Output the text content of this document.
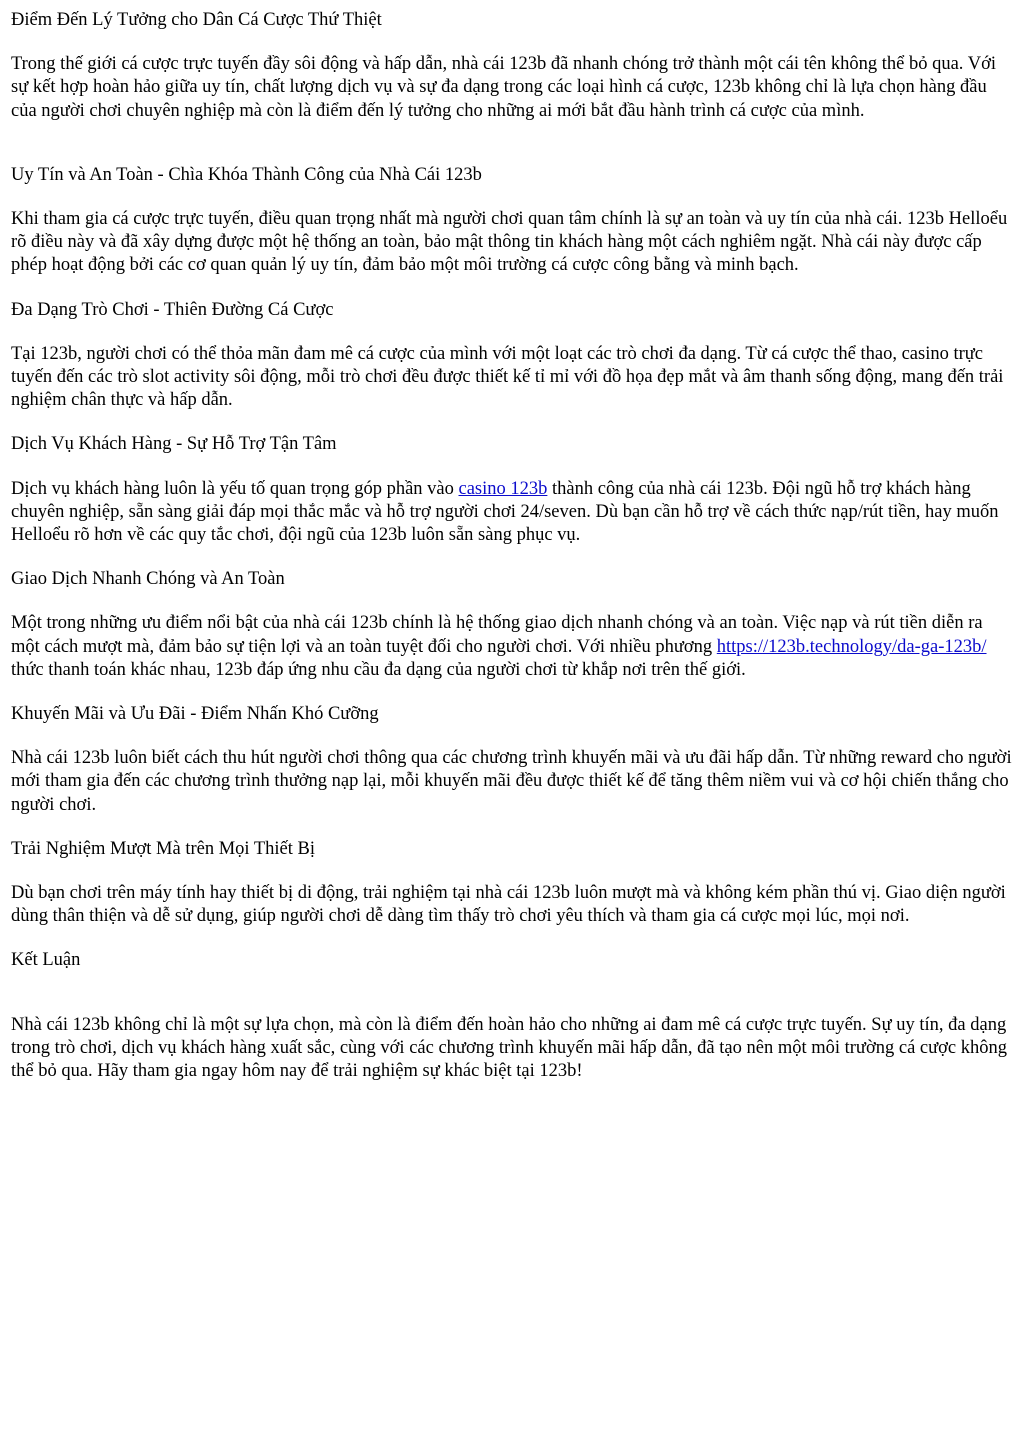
Điểm Đến Lý Tưởng cho Dân Cá Cược Thứ Thiệt

Trong thế giới cá cược trực tuyến đầy sôi động và hấp dẫn, nhà cái 123b đã nhanh chóng trở thành một cái tên không thể bỏ qua. Với sự kết hợp hoàn hảo giữa uy tín, chất lượng dịch vụ và sự đa dạng trong các loại hình cá cược, 123b không chỉ là lựa chọn hàng đầu của người chơi chuyên nghiệp mà còn là điểm đến lý tưởng cho những ai mới bắt đầu hành trình cá cược của mình.

Uy Tín và An Toàn - Chìa Khóa Thành Công của Nhà Cái 123b

Khi tham gia cá cược trực tuyến, điều quan trọng nhất mà người chơi quan tâm chính là sự an toàn và uy tín của nhà cái. 123b Helloểu rõ điều này và đã xây dựng được một hệ thống an toàn, bảo mật thông tin khách hàng một cách nghiêm ngặt. Nhà cái này được cấp phép hoạt động bởi các cơ quan quản lý uy tín, đảm bảo một môi trường cá cược công bằng và minh bạch.

Đa Dạng Trò Chơi - Thiên Đường Cá Cược

Tại 123b, người chơi có thể thỏa mãn đam mê cá cược của mình với một loạt các trò chơi đa dạng. Từ cá cược thể thao, casino trực tuyến đến các trò slot activity sôi động, mỗi trò chơi đều được thiết kế tỉ mỉ với đồ họa đẹp mắt và âm thanh sống động, mang đến trải nghiệm chân thực và hấp dẫn.

Dịch Vụ Khách Hàng - Sự Hỗ Trợ Tận Tâm

Dịch vụ khách hàng luôn là yếu tố quan trọng góp phần vào casino 123b thành công của nhà cái 123b. Đội ngũ hỗ trợ khách hàng chuyên nghiệp, sẵn sàng giải đáp mọi thắc mắc và hỗ trợ người chơi 24/seven. Dù bạn cần hỗ trợ về cách thức nạp/rút tiền, hay muốn Helloểu rõ hơn về các quy tắc chơi, đội ngũ của 123b luôn sẵn sàng phục vụ.

Giao Dịch Nhanh Chóng và An Toàn

Một trong những ưu điểm nổi bật của nhà cái 123b chính là hệ thống giao dịch nhanh chóng và an toàn. Việc nạp và rút tiền diễn ra một cách mượt mà, đảm bảo sự tiện lợi và an toàn tuyệt đối cho người chơi. Với nhiều phương https://123b.technology/da-ga-123b/ thức thanh toán khác nhau, 123b đáp ứng nhu cầu đa dạng của người chơi từ khắp nơi trên thế giới.

Khuyến Mãi và Ưu Đãi - Điểm Nhấn Khó Cưỡng

Nhà cái 123b luôn biết cách thu hút người chơi thông qua các chương trình khuyến mãi và ưu đãi hấp dẫn. Từ những reward cho người mới tham gia đến các chương trình thưởng nạp lại, mỗi khuyến mãi đều được thiết kế để tăng thêm niềm vui và cơ hội chiến thắng cho người chơi.

Trải Nghiệm Mượt Mà trên Mọi Thiết Bị

Dù bạn chơi trên máy tính hay thiết bị di động, trải nghiệm tại nhà cái 123b luôn mượt mà và không kém phần thú vị. Giao diện người dùng thân thiện và dễ sử dụng, giúp người chơi dễ dàng tìm thấy trò chơi yêu thích và tham gia cá cược mọi lúc, mọi nơi.

Kết Luận

Nhà cái 123b không chỉ là một sự lựa chọn, mà còn là điểm đến hoàn hảo cho những ai đam mê cá cược trực tuyến. Sự uy tín, đa dạng trong trò chơi, dịch vụ khách hàng xuất sắc, cùng với các chương trình khuyến mãi hấp dẫn, đã tạo nên một môi trường cá cược không thể bỏ qua. Hãy tham gia ngay hôm nay để trải nghiệm sự khác biệt tại 123b!
